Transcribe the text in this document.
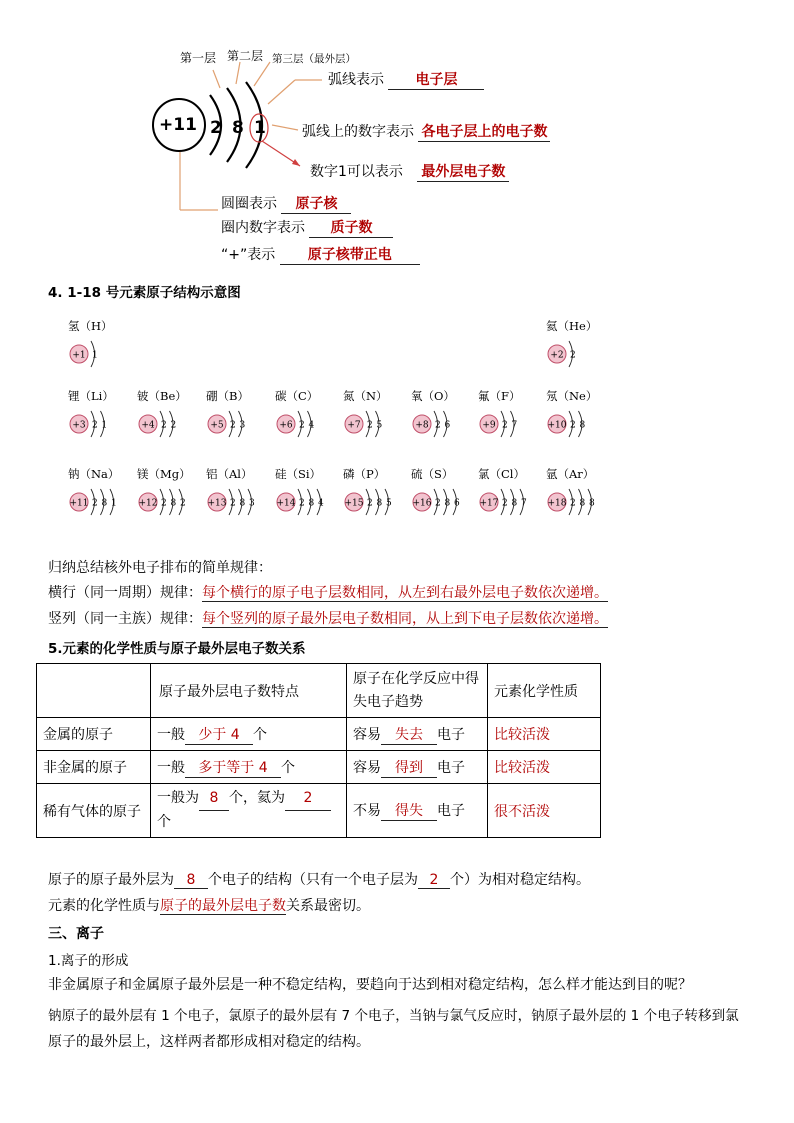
第一层 第二层 第三层（最外层）
+11 2 8 1
弧线表示 电子层
弧线上的数字表示 各电子层上的电子数
数字1可以表示 最外层电子数
圆圈表示 原子核
圈内数字表示 质子数
“+”表示 原子核带正电
4. 1-18 号元素原子结构示意图
氢（H）
+1 1
氦（He）
+2 2
锂（Li）
+3 2 1
铍（Be）
+4 2 2
硼（B）
+5 2 3
碳（C）
+6 2 4
氮（N）
+7 2 5
氧（O）
+8 2 6
氟（F）
+9 2 7
氖（Ne）
+10 2 8
钠（Na）
+11 2 8 1
镁（Mg）
+12 2 8 2
铝（Al）
+13 2 8 3
硅（Si）
+14 2 8 4
磷（P）
+15 2 8 5
硫（S）
+16 2 8 6
氯（Cl）
+17 2 8 7
氩（Ar）
+18 2 8 8
归纳总结核外电子排布的简单规律：
横行（同一周期）规律：每个横行的原子电子层数相同，从左到右最外层电子数依次递增。
竖列（同一主族）规律：每个竖列的原子最外层电子数相同，从上到下电子层数依次递增。
5.元素的化学性质与原子最外层电子数关系
	原子最外层电子数特点	原子在化学反应中得失电子趋势	元素化学性质
金属的原子	一般 少于 4 个	容易 失去 电子	比较活泼
非金属的原子	一般 多于等于 4 个	容易 得到 电子	比较活泼
稀有气体的原子	一般为 8 个，氦为 2
个	不易 得失 电子	很不活泼
原子的原子最外层为 8 个电子的结构（只有一个电子层为 2 个）为相对稳定结构。
元素的化学性质与原子的最外层电子数关系最密切。
三、离子
1.离子的形成
非金属原子和金属原子最外层是一种不稳定结构，要趋向于达到相对稳定结构，怎么样才能达到目的呢？
钠原子的最外层有 1 个电子，氯原子的最外层有 7 个电子，当钠与氯气反应时，钠原子最外层的 1 个电子转移到氯
原子的最外层上，这样两者都形成相对稳定的结构。
